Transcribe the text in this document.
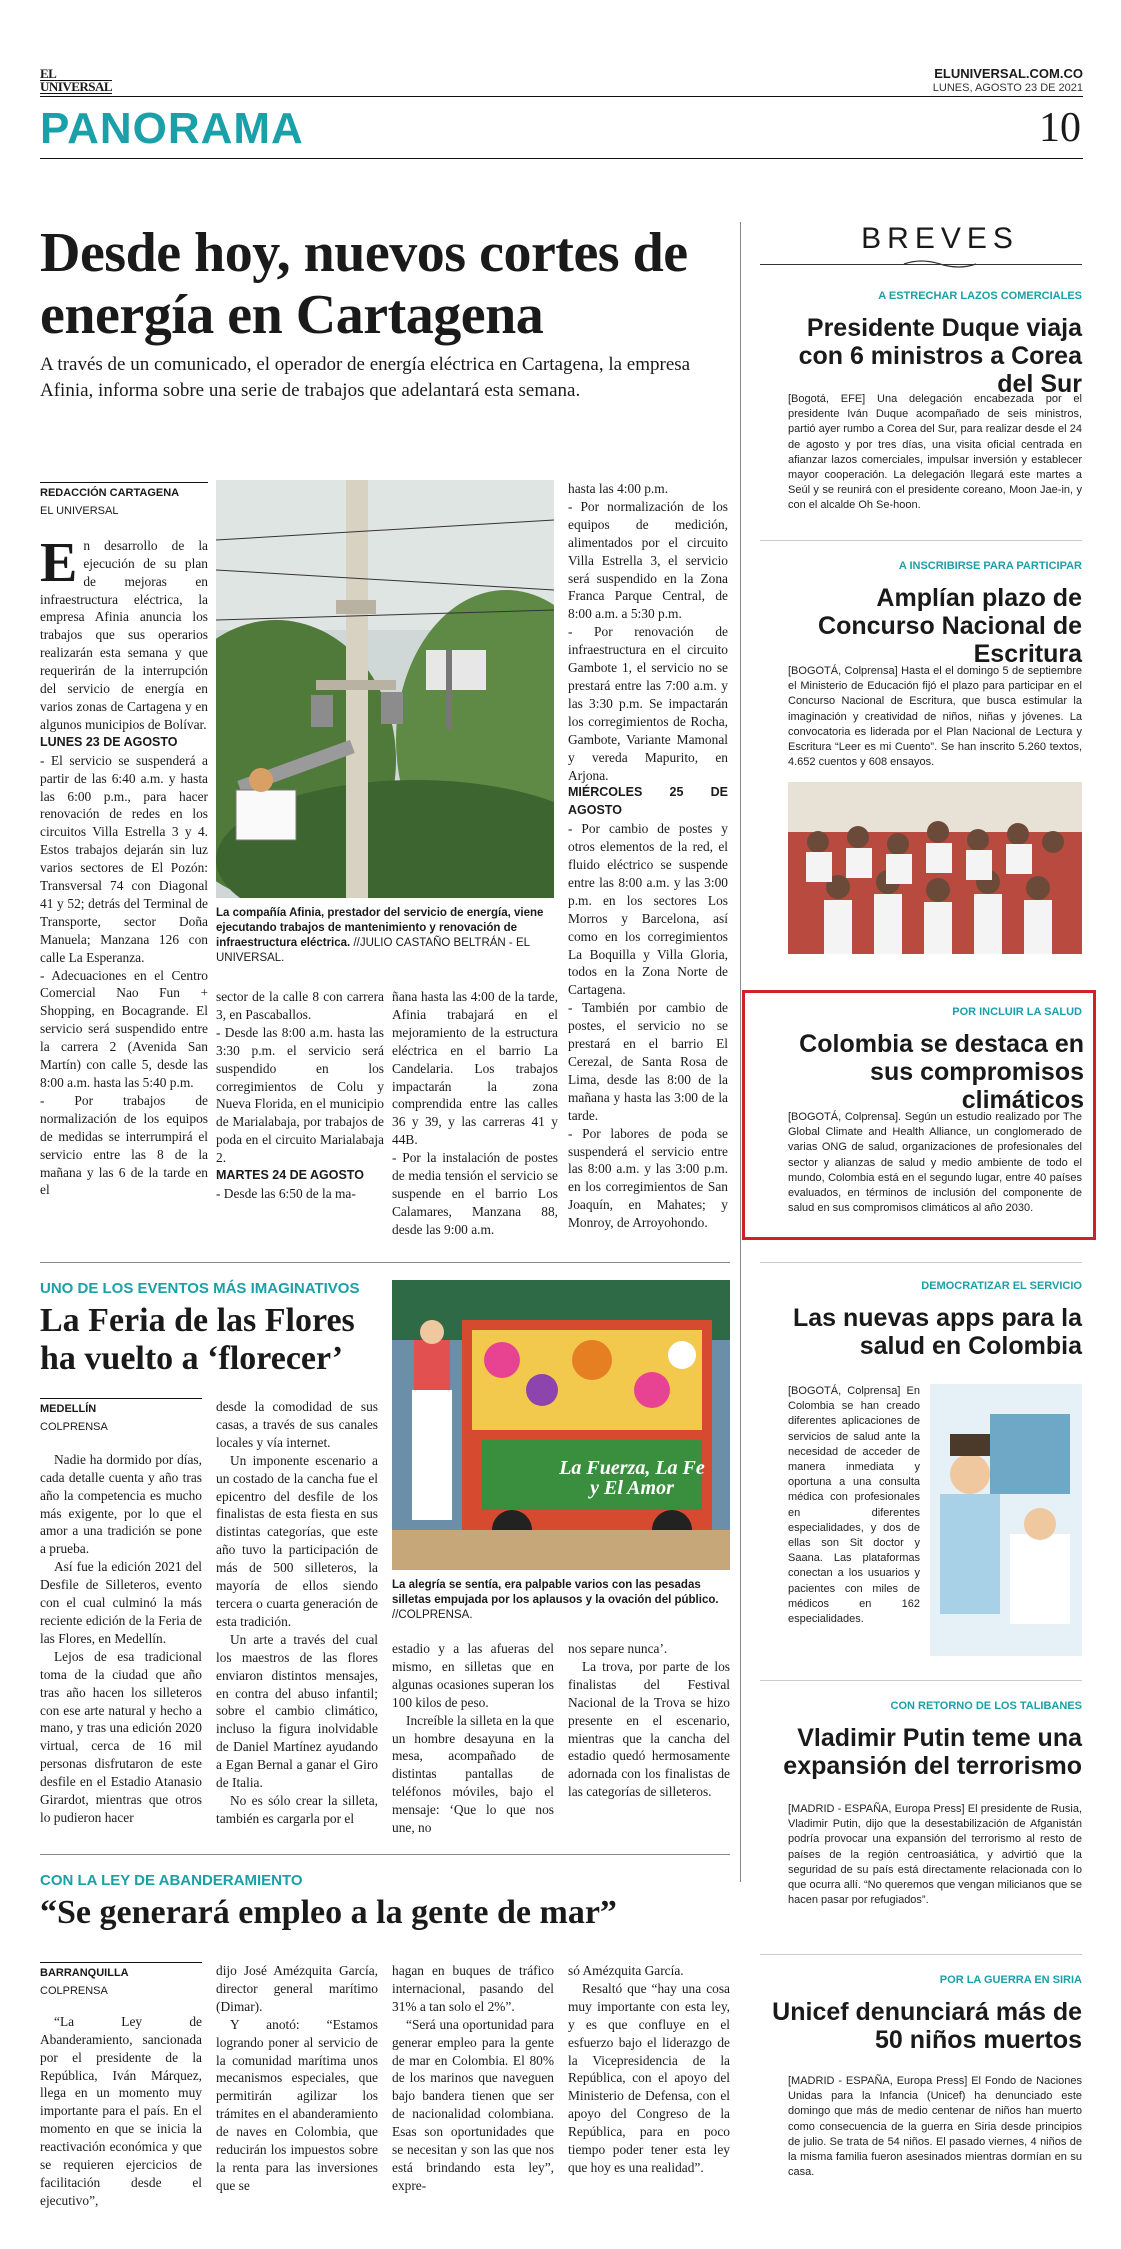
EL
UNIVERSAL
ELUNIVERSAL.COM.CO
LUNES, AGOSTO 23 DE 2021
PANORAMA	10
Desde hoy, nuevos cortes de energía en Cartagena
A través de un comunicado, el operador de energía eléctrica en Cartagena, la empresa Afinia, informa sobre una serie de trabajos que adelantará esta semana.
REDACCIÓN CARTAGENA
EL UNIVERSAL

En desarrollo de la ejecución de su plan de mejoras en infraestructura eléctrica, la empresa Afinia anuncia los trabajos que sus operarios realizarán esta semana y que requerirán de la interrupción del servicio de energía en varios zonas de Cartagena y en algunos municipios de Bolívar.

LUNES 23 DE AGOSTO

- El servicio se suspenderá a partir de las 6:40 a.m. y hasta las 6:00 p.m., para hacer renovación de redes en los circuitos Villa Estrella 3 y 4. Estos trabajos dejarán sin luz varios sectores de El Pozón: Transversal 74 con Diagonal 41 y 52; detrás del Terminal de Transporte, sector Doña Manuela; Manzana 126 con calle La Esperanza.

- Adecuaciones en el Centro Comercial Nao Fun + Shopping, en Bocagrande. El servicio será suspendido entre la carrera 2 (Avenida San Martín) con calle 5, desde las 8:00 a.m. hasta las 5:40 p.m.

- Por trabajos de normalización de los equipos de medidas se interrumpirá el servicio entre las 8 de la mañana y las 6 de la tarde en el

La compañía Afinia, prestador del servicio de energía, viene ejecutando trabajos de mantenimiento y renovación de infraestructura eléctrica. //JULIO CASTAÑO BELTRÁN - EL UNIVERSAL.

sector de la calle 8 con carrera 3, en Pascaballos.

- Desde las 8:00 a.m. hasta las 3:30 p.m. el servicio será suspendido en los corregimientos de Colu y Nueva Florida, en el municipio de Marialabaja, por trabajos de poda en el circuito Marialabaja 2.

MARTES 24 DE AGOSTO

- Desde las 6:50 de la ma-

ñana hasta las 4:00 de la tarde, Afinia trabajará en el mejoramiento de la estructura eléctrica en el barrio La Candelaria. Los trabajos impactarán la zona comprendida entre las calles 36 y 39, y las carreras 41 y 44B.

- Por la instalación de postes de media tensión el servicio se suspende en el barrio Los Calamares, Manzana 88, desde las 9:00 a.m.

hasta las 4:00 p.m.

- Por normalización de los equipos de medición, alimentados por el circuito Villa Estrella 3, el servicio será suspendido en la Zona Franca Parque Central, de 8:00 a.m. a 5:30 p.m.

- Por renovación de infraestructura en el circuito Gambote 1, el servicio no se prestará entre las 7:00 a.m. y las 3:30 p.m. Se impactarán los corregimientos de Rocha, Gambote, Variante Mamonal y vereda Mapurito, en Arjona.

MIÉRCOLES 25 DE AGOSTO

- Por cambio de postes y otros elementos de la red, el fluido eléctrico se suspende entre las 8:00 a.m. y las 3:00 p.m. en los sectores Los Morros y Barcelona, así como en los corregimientos La Boquilla y Villa Gloria, todos en la Zona Norte de Cartagena.

- También por cambio de postes, el servicio no se prestará en el barrio El Cerezal, de Santa Rosa de Lima, desde las 8:00 de la mañana y hasta las 3:00 de la tarde.

- Por labores de poda se suspenderá el servicio entre las 8:00 a.m. y las 3:00 p.m. en los corregimientos de San Joaquín, en Mahates; y Monroy, de Arroyohondo.

UNO DE LOS EVENTOS MÁS IMAGINATIVOS
La Feria de las Flores ha vuelto a ‘florecer’
MEDELLÍN
COLPRENSA

Nadie ha dormido por días, cada detalle cuenta y año tras año la competencia es mucho más exigente, por lo que el amor a una tradición se pone a prueba.

Así fue la edición 2021 del Desfile de Silleteros, evento con el cual culminó la más reciente edición de la Feria de las Flores, en Medellín.

Lejos de esa tradicional toma de la ciudad que año tras año hacen los silleteros con ese arte natural y hecho a mano, y tras una edición 2020 virtual, cerca de 16 mil personas disfrutaron de este desfile en el Estadio Atanasio Girardot, mientras que otros lo pudieron hacer

desde la comodidad de sus casas, a través de sus canales locales y vía internet.

Un imponente escenario a un costado de la cancha fue el epicentro del desfile de los finalistas de esta fiesta en sus distintas categorías, que este año tuvo la participación de más de 500 silleteros, la mayoría de ellos siendo tercera o cuarta generación de esta tradición.

Un arte a través del cual los maestros de las flores enviaron distintos mensajes, en contra del abuso infantil; sobre el cambio climático, incluso la figura inolvidable de Daniel Martínez ayudando a Egan Bernal a ganar el Giro de Italia.

No es sólo crear la silleta, también es cargarla por el

La Fuerza, La Fe
y El Amor
La alegría se sentía, era palpable varios con las pesadas silletas empujada por los aplausos y la ovación del público. //COLPRENSA.

estadio y a las afueras del mismo, en silletas que en algunas ocasiones superan los 100 kilos de peso.

Increíble la silleta en la que un hombre desayuna en la mesa, acompañado de distintas pantallas de teléfonos móviles, bajo el mensaje: ‘Que lo que nos une, no

nos separe nunca’.

La trova, por parte de los finalistas del Festival Nacional de la Trova se hizo presente en el escenario, mientras que la cancha del estadio quedó hermosamente adornada con los finalistas de las categorías de silleteros.

CON LA LEY DE ABANDERAMIENTO
“Se generará empleo a la gente de mar”
BARRANQUILLA
COLPRENSA

“La Ley de Abanderamiento, sancionada por el presidente de la República, Iván Márquez, llega en un momento muy importante para el país. En el momento en que se inicia la reactivación económica y que se requieren ejercicios de facilitación desde el ejecutivo”,

dijo José Amézquita García, director general marítimo (Dimar).

Y anotó: “Estamos logrando poner al servicio de la comunidad marítima unos mecanismos especiales, que permitirán agilizar los trámites en el abanderamiento de naves en Colombia, que reducirán los impuestos sobre la renta para las inversiones que se

hagan en buques de tráfico internacional, pasando del 31% a tan solo el 2%”.

“Será una oportunidad para generar empleo para la gente de mar en Colombia. El 80% de los marinos que naveguen bajo bandera tienen que ser de nacionalidad colombiana. Esas son oportunidades que se necesitan y son las que nos está brindando esta ley”, expre-

só Amézquita García.

Resaltó que “hay una cosa muy importante con esta ley, y es que confluye en el esfuerzo bajo el liderazgo de la Vicepresidencia de la República, con el apoyo del Ministerio de Defensa, con el apoyo del Congreso de la República, para en poco tiempo poder tener esta ley que hoy es una realidad”.

BREVES
A ESTRECHAR LAZOS COMERCIALES
Presidente Duque viaja con 6 ministros a Corea del Sur
[Bogotá, EFE] Una delegación encabezada por el presidente Iván Duque acompañado de seis ministros, partió ayer rumbo a Corea del Sur, para realizar desde el 24 de agosto y por tres días, una visita oficial centrada en afianzar lazos comerciales, impulsar inversión y establecer mayor cooperación. La delegación llegará este martes a Seúl y se reunirá con el presidente coreano, Moon Jae-in, y con el alcalde Oh Se-hoon.
A INSCRIBIRSE PARA PARTICIPAR
Amplían plazo de Concurso Nacional de Escritura
[BOGOTÁ, Colprensa] Hasta el el domingo 5 de septiembre el Ministerio de Educación fijó el plazo para participar en el Concurso Nacional de Escritura, que busca estimular la imaginación y creatividad de niños, niñas y jóvenes. La convocatoria es liderada por el Plan Nacional de Lectura y Escritura “Leer es mi Cuento”. Se han inscrito 5.260 textos, 4.652 cuentos y 608 ensayos.
POR INCLUIR LA SALUD
Colombia se destaca en sus compromisos climáticos
[BOGOTÁ, Colprensa]. Según un estudio realizado por The Global Climate and Health Alliance, un conglomerado de varias ONG de salud, organizaciones de profesionales del sector y alianzas de salud y medio ambiente de todo el mundo, Colombia está en el segundo lugar, entre 40 países evaluados, en términos de inclusión del componente de salud en sus compromisos climáticos al año 2030.
DEMOCRATIZAR EL SERVICIO
Las nuevas apps para la salud en Colombia
[BOGOTÁ, Colprensa] En Colombia se han creado diferentes aplicaciones de servicios de salud ante la necesidad de acceder de manera inmediata y oportuna a una consulta médica con profesionales en diferentes especialidades, y dos de ellas son Sit doctor y Saana. Las plataformas conectan a los usuarios y pacientes con miles de médicos en 162 especialidades.
CON RETORNO DE LOS TALIBANES
Vladimir Putin teme una expansión del terrorismo
[MADRID - ESPAÑA, Europa Press] El presidente de Rusia, Vladimir Putin, dijo que la desestabilización de Afganistán podría provocar una expansión del terrorismo al resto de países de la región centroasiática, y advirtió que la seguridad de su país está directamente relacionada con lo que ocurra allí. “No queremos que vengan milicianos que se hacen pasar por refugiados”.
POR LA GUERRA EN SIRIA
Unicef denunciará más de 50 niños muertos
[MADRID - ESPAÑA, Europa Press] El Fondo de Naciones Unidas para la Infancia (Unicef) ha denunciado este domingo que más de medio centenar de niños han muerto como consecuencia de la guerra en Siria desde principios de julio. Se trata de 54 niños. El pasado viernes, 4 niños de la misma familia fueron asesinados mientras dormían en su casa.
